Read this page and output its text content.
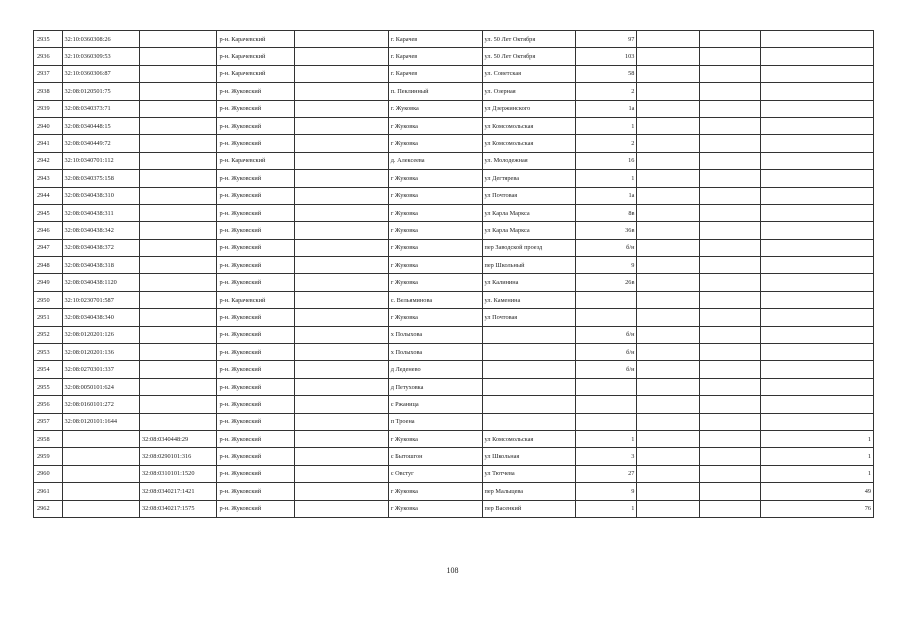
2935	32:10:0360308:26		р-н. Карачевский		г. Карачев	ул. 50 Лет Октября	97			
2936	32:10:0360309:53		р-н. Карачевский		г. Карачев	ул. 50 Лет Октября	103			
2937	32:10:0360306:87		р-н. Карачевский		г. Карачев	ул. Советская	58			
2938	32:08:0120501:75		р-н. Жуковский		п. Пеклинный	ул. Озерная	2			
2939	32:08:0340373:71		р-н. Жуковский		г. Жуковка	ул Дзержинского	1а			
2940	32:08:0340448:15		р-н. Жуковский		г Жуковка	ул Комсомольская	1			
2941	32:08:0340449:72		р-н. Жуковский		г Жуковка	ул Комсомольская	2			
2942	32:10:0340701:112		р-н. Карачевский		д. Алексеева	ул. Молодежная	16			
2943	32:08:0340375:158		р-н. Жуковский		г Жуковка	ул Дегтярева	1			
2944	32:08:0340438:310		р-н. Жуковский		г Жуковка	ул Почтовая	1а			
2945	32:08:0340438:311		р-н. Жуковский		г Жуковка	ул Карла Маркса	8в			
2946	32:08:0340438:342		р-н. Жуковский		г Жуковка	ул Карла Маркса	36в			
2947	32:08:0340438:372		р-н. Жуковский		г Жуковка	пер Заводской проезд	б/н			
2948	32:08:0340438:318		р-н. Жуковский		г Жуковка	пер Школьный	9			
2949	32:08:0340438:1120		р-н. Жуковский		г Жуковка	ул Калинина	26в			
2950	32:10:0230701:587		р-н. Карачевский		с. Вельяминова	ул. Каменина				
2951	32:08:0340438:340		р-н. Жуковский		г Жуковка	ул Почтовая				
2952	32:08:0120201:126		р-н. Жуковский		х Полыхова		б/н			
2953	32:08:0120201:136		р-н. Жуковский		х Полыхова		б/н			
2954	32:08:0270301:337		р-н. Жуковский		д Леденево		б/н			
2955	32:08:0050101:624		р-н. Жуковский		д Петуховка					
2956	32:08:0160101:272		р-н. Жуковский		с Ржаница					
2957	32:08:0120101:1644		р-н. Жуковский		п Троена					
2958		32:08:0340448:29	р-н. Жуковский		г Жуковка	ул Комсомольская	1			1
2959		32:08:0290101:316	р-н. Жуковский		с Бытошгон	ул Школьная	3			1
2960		32:08:0310101:1520	р-н. Жуковский		с Овстуг	ул Тютчева	27			1
2961		32:08:0340217:1421	р-н. Жуковский		г Жуковка	пер Малыцева	9			49
2962		32:08:0340217:1575	р-н. Жуковский		г Жуковка	пер Васенкий	1			76
108
